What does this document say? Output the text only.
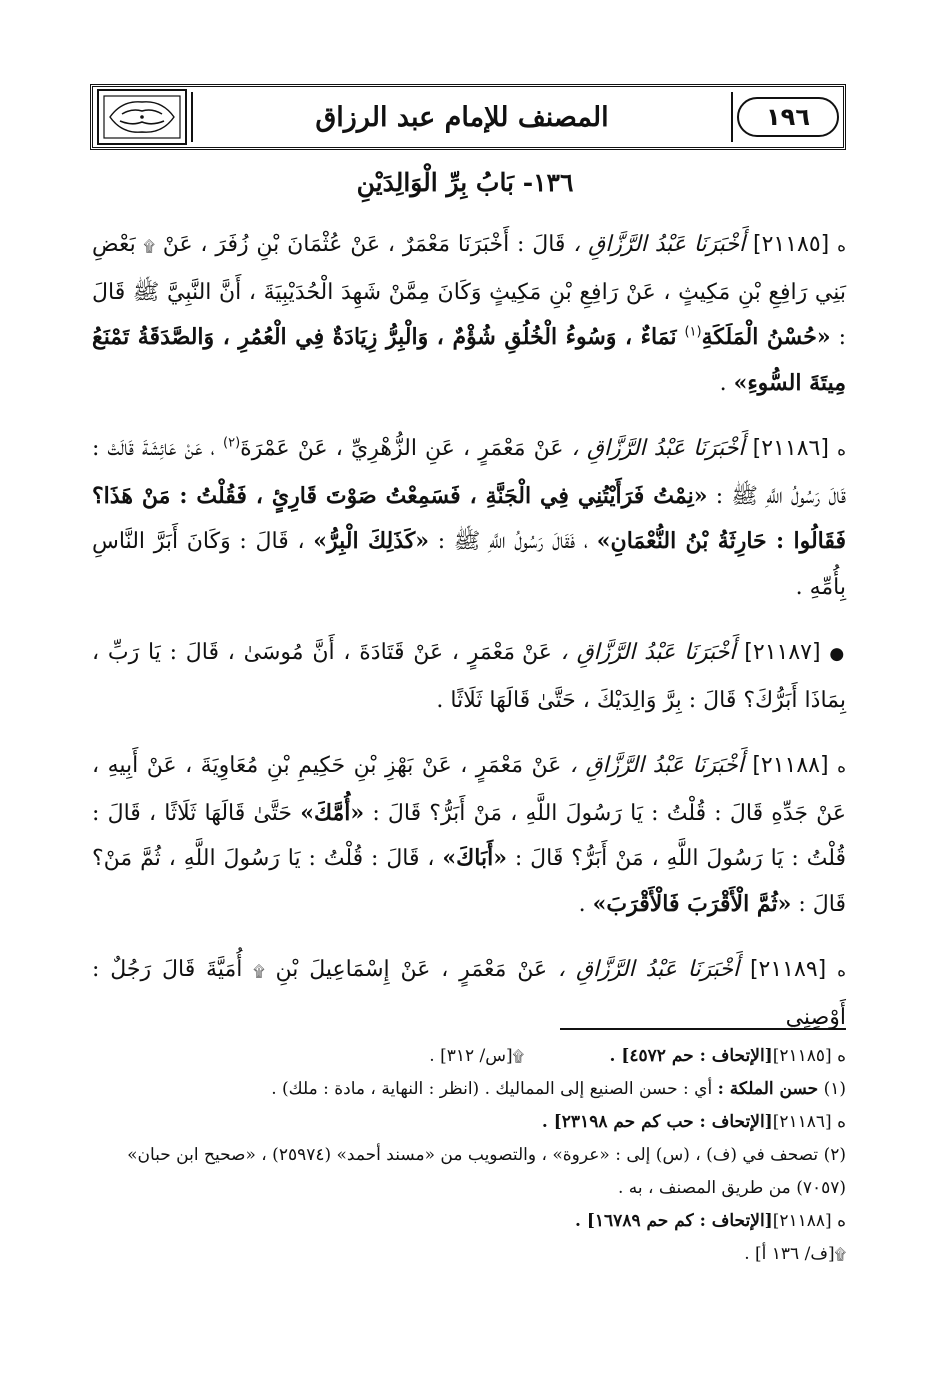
١٩٦
المصنف للإمام عبد الرزاق
١٣٦- بَابُ بِرِّ الْوَالِدَيْنِ

ه [٢١١٨٥] أَخْبَرَنَا عَبْدُ الرَّزَّاقِ ، قَالَ : أَخْبَرَنَا مَعْمَرٌ ، عَنْ عُثْمَانَ بْنِ زُفَرَ ، عَنْ ۩ بَعْضِ بَنِي رَافِعِ بْنِ مَكِيثٍ ، عَنْ رَافِعِ بْنِ مَكِيثٍ وَكَانَ مِمَّنْ شَهِدَ الْحُدَيْبِيَةَ ، أَنَّ النَّبِيَّ ﷺ قَالَ : «حُسْنُ الْمَلَكَةِ$^{(١)}$ نَمَاءٌ ، وَسُوءُ الْخُلُقِ شُؤْمٌ ، وَالْبِرُّ زِيَادَةٌ فِي الْعُمُرِ ، وَالصَّدَقَةُ تَمْنَعُ مِيتَةَ السُّوءِ» .

ه [٢١١٨٦] أَخْبَرَنَا عَبْدُ الرَّزَّاقِ ، عَنْ مَعْمَرٍ ، عَنِ الزُّهْرِيِّ ، عَنْ عَمْرَةَ$^{(٢)}$ ، عَنْ عَائِشَةَ قَالَتْ : قَالَ رَسُولُ اللَّهِ ﷺ : «نِمْتُ فَرَأَيْتُنِي فِي الْجَنَّةِ ، فَسَمِعْتُ صَوْتَ قَارِئٍ ، فَقُلْتُ : مَنْ هَذَا؟ فَقَالُوا : حَارِثَةُ بْنُ النُّعْمَانِ» ، فَقَالَ رَسُولُ اللَّهِ ﷺ : «كَذَلِكَ الْبِرُّ» ، قَالَ : وَكَانَ أَبَرَّ النَّاسِ بِأُمِّهِ .

● [٢١١٨٧] أَخْبَرَنَا عَبْدُ الرَّزَّاقِ ، عَنْ مَعْمَرٍ ، عَنْ قَتَادَةَ ، أَنَّ مُوسَىٰ ، قَالَ : يَا رَبِّ ، بِمَاذَا أَبَرُّكَ؟ قَالَ : بِرَّ وَالِدَيْكَ ، حَتَّىٰ قَالَهَا ثَلَاثًا .

ه [٢١١٨٨] أَخْبَرَنَا عَبْدُ الرَّزَّاقِ ، عَنْ مَعْمَرٍ ، عَنْ بَهْزِ بْنِ حَكِيمِ بْنِ مُعَاوِيَةَ ، عَنْ أَبِيهِ ، عَنْ جَدِّهِ قَالَ : قُلْتُ : يَا رَسُولَ اللَّهِ ، مَنْ أَبَرُّ؟ قَالَ : «أُمَّكَ» حَتَّىٰ قَالَهَا ثَلَاثًا ، قَالَ : قُلْتُ : يَا رَسُولَ اللَّهِ ، مَنْ أَبَرُّ؟ قَالَ : «أَبَاكَ» ، قَالَ : قُلْتُ : يَا رَسُولَ اللَّهِ ، ثُمَّ مَنْ؟ قَالَ : «ثُمَّ الْأَقْرَبَ فَالْأَقْرَبَ» .

ه [٢١١٨٩] أَخْبَرَنَا عَبْدُ الرَّزَّاقِ ، عَنْ مَعْمَرٍ ، عَنْ إِسْمَاعِيلَ بْنِ ۩ أُمَيَّةَ قَالَ رَجُلٌ : أَوْصِنِي

ه [٢١١٨٥][الإتحاف : حم ٤٥٧٢] . ۩[س/ ٣١٢] .

(١) حسن الملكة : أي : حسن الصنيع إلى المماليك . (انظر : النهاية ، مادة : ملك) .

ه [٢١١٨٦][الإتحاف : حب كم حم ٢٣١٩٨] .

(٢) تصحف في (ف) ، (س) إلى : «عروة» ، والتصويب من «مسند أحمد» (٢٥٩٧٤) ، «صحيح ابن حبان» (٧٠٥٧) من طريق المصنف ، به .

ه [٢١١٨٨][الإتحاف : كم حم ١٦٧٨٩] .

۩[ف/ ١٣٦ أ] .
